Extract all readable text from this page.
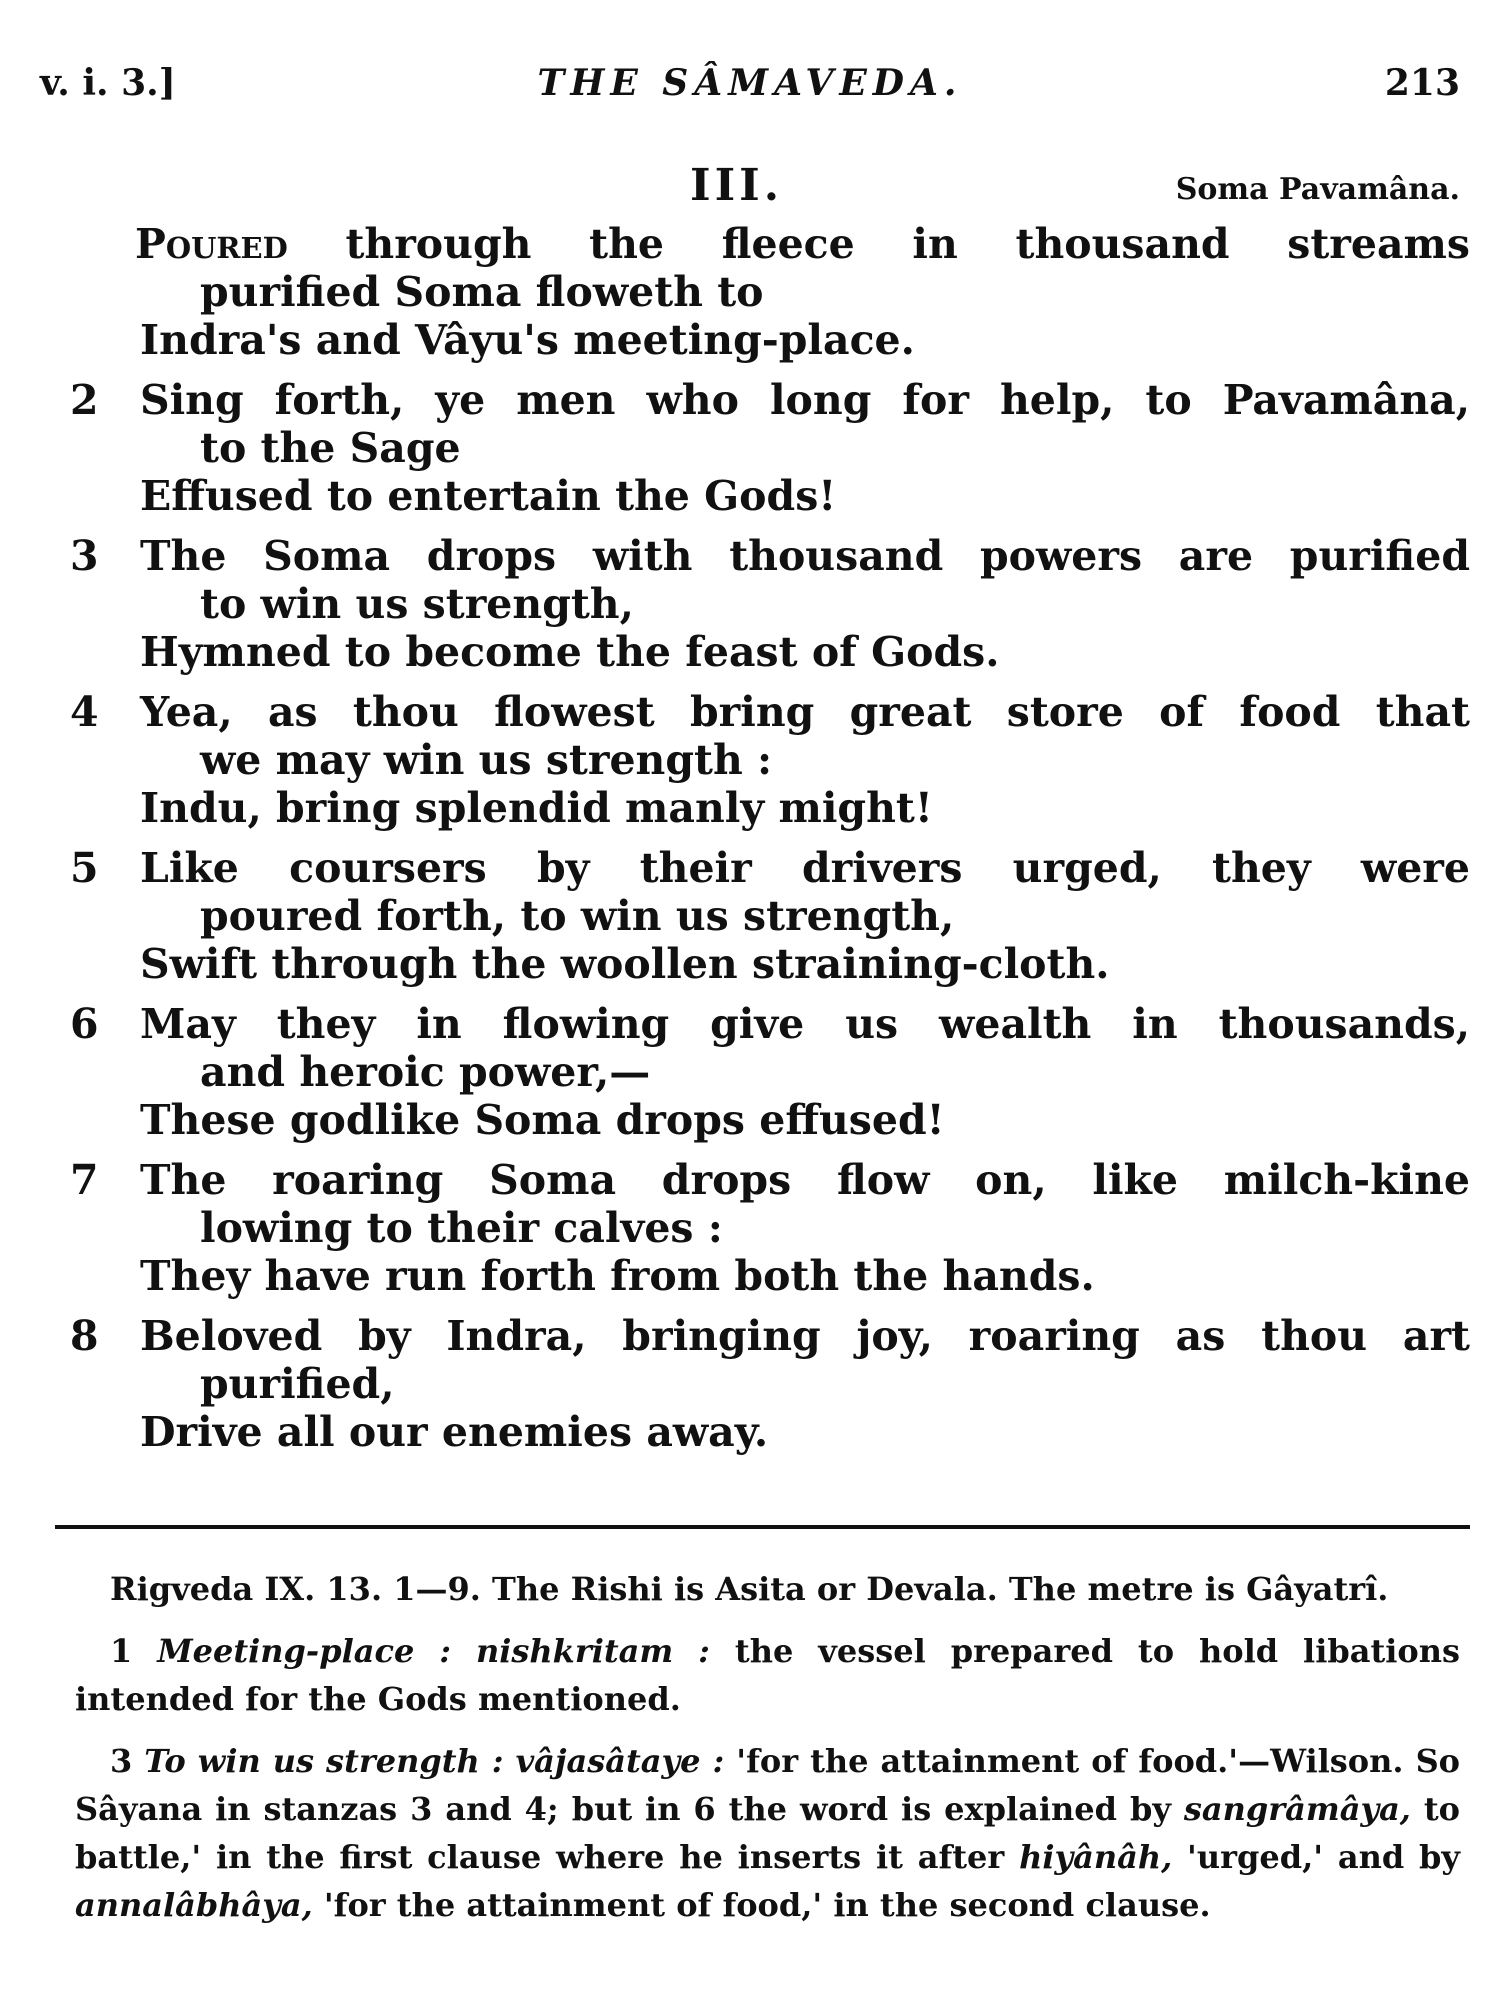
v. i. 3.]	THE SÂMAVEDA.	213
III.	Soma Pavamâna.
Poured through the fleece in thousand streams
purified Soma floweth to
Indra's and Vâyu's meeting-place.
2	Sing forth, ye men who long for help, to Pavamâna,
to the Sage
Effused to entertain the Gods!
3	The Soma drops with thousand powers are purified
to win us strength,
Hymned to become the feast of Gods.
4	Yea, as thou flowest bring great store of food that
we may win us strength :
Indu, bring splendid manly might!
5	Like coursers by their drivers urged, they were
poured forth, to win us strength,
Swift through the woollen straining-cloth.
6	May they in flowing give us wealth in thousands,
and heroic power,—
These godlike Soma drops effused!
7	The roaring Soma drops flow on, like milch-kine
lowing to their calves :
They have run forth from both the hands.
8	Beloved by Indra, bringing joy, roaring as thou art
purified,
Drive all our enemies away.
Rigveda IX. 13. 1—9. The Rishi is Asita or Devala. The metre is Gâyatrî.
1 Meeting-place : nishkritam : the vessel prepared to hold libations intended for the Gods mentioned.
3 To win us strength : vâjasâtaye : 'for the attainment of food.'—Wilson. So Sâyana in stanzas 3 and 4; but in 6 the word is explained by sangrâmâya, to battle,' in the first clause where he inserts it after hiyânâh, 'urged,' and by annalâbhâya, 'for the attainment of food,' in the second clause.
